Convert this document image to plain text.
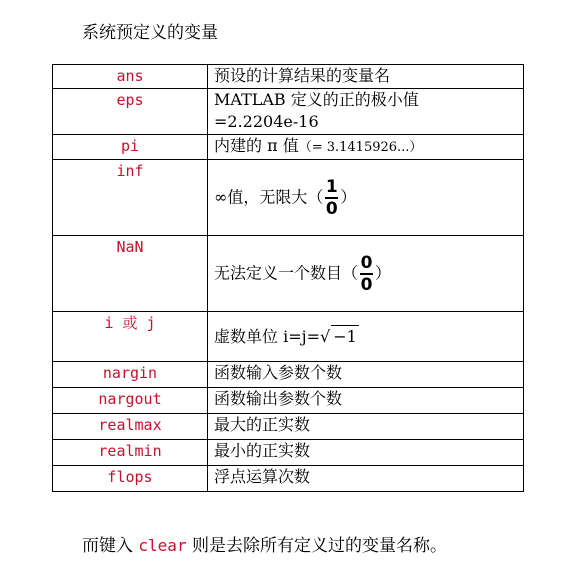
系统预定义的变量
ans	预设的计算结果的变量名
eps	MATLAB 定义的正的极小值
=2.2204e-16

pi	内建的 π 值（= 3.1415926...）
inf	∞值，无限大（ $\frac{1}{0}$ ）
NaN	无法定义一个数目（ $\frac{0}{0}$ ）
i 或 j	虚数单位 i=j=√ −1
nargin	函数输入参数个数
nargout	函数输出参数个数
realmax	最大的正实数
realmin	最小的正实数
flops	浮点运算次数
而键入 clear 则是去除所有定义过的变量名称。
